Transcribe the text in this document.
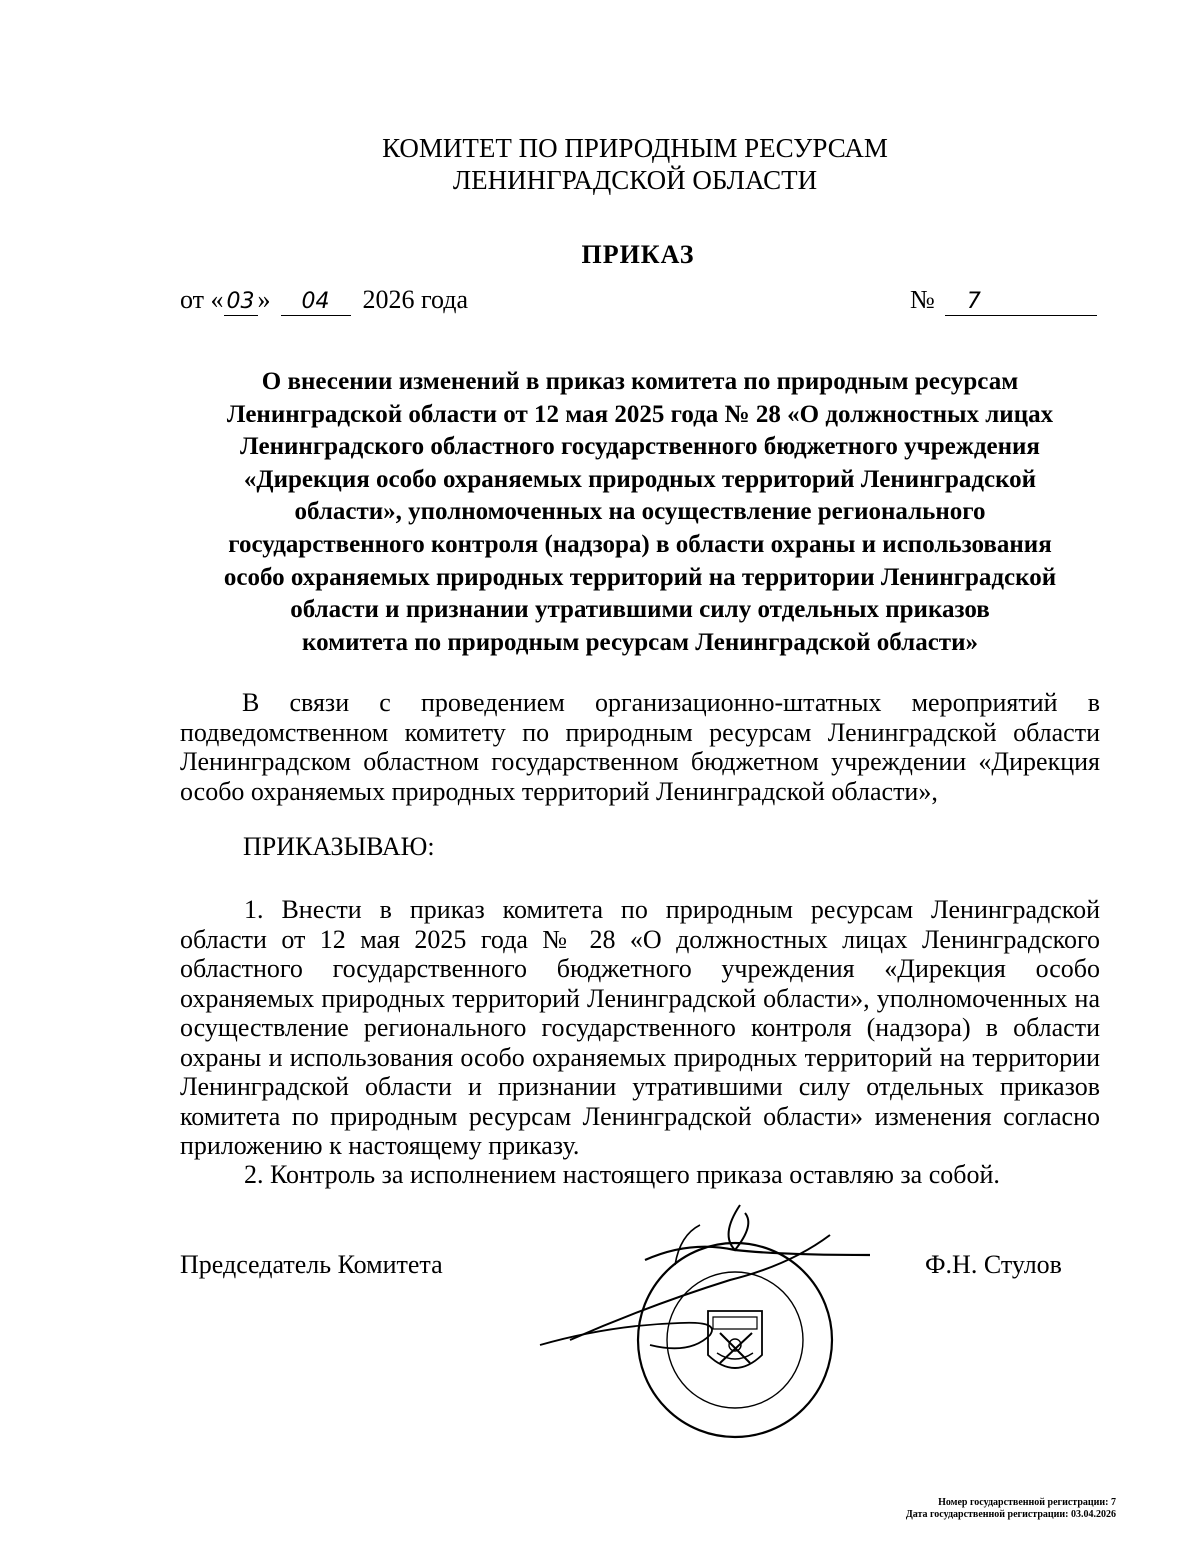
КОМИТЕТ ПО ПРИРОДНЫМ РЕСУРСАМ
ЛЕНИНГРАДСКОЙ ОБЛАСТИ
ПРИКАЗ
от « 03 » 04 2026 года	№ 7
О внесении изменений в приказ комитета по природным ресурсам
Ленинградской области от 12 мая 2025 года № 28 «О должностных лицах
Ленинградского областного государственного бюджетного учреждения
«Дирекция особо охраняемых природных территорий Ленинградской
области», уполномоченных на осуществление регионального
государственного контроля (надзора) в области охраны и использования
особо охраняемых природных территорий на территории Ленинградской
области и признании утратившими силу отдельных приказов
комитета по природным ресурсам Ленинградской области»
В связи с проведением организационно-штатных мероприятий в подведомственном комитету по природным ресурсам Ленинградской области Ленинградском областном государственном бюджетном учреждении «Дирекция особо охраняемых природных территорий Ленинградской области»,
ПРИКАЗЫВАЮ:
1. Внести в приказ комитета по природным ресурсам Ленинградской области от 12 мая 2025 года № 28 «О должностных лицах Ленинградского областного государственного бюджетного учреждения «Дирекция особо охраняемых природных территорий Ленинградской области», уполномоченных на осуществление регионального государственного контроля (надзора) в области охраны и использования особо охраняемых природных территорий на территории Ленинградской области и признании утратившими силу отдельных приказов комитета по природным ресурсам Ленинградской области» изменения согласно приложению к настоящему приказу.
2. Контроль за исполнением настоящего приказа оставляю за собой.
Председатель Комитета	Ф.Н. Стулов
Номер государственной регистрации: 7
Дата государственной регистрации: 03.04.2026
